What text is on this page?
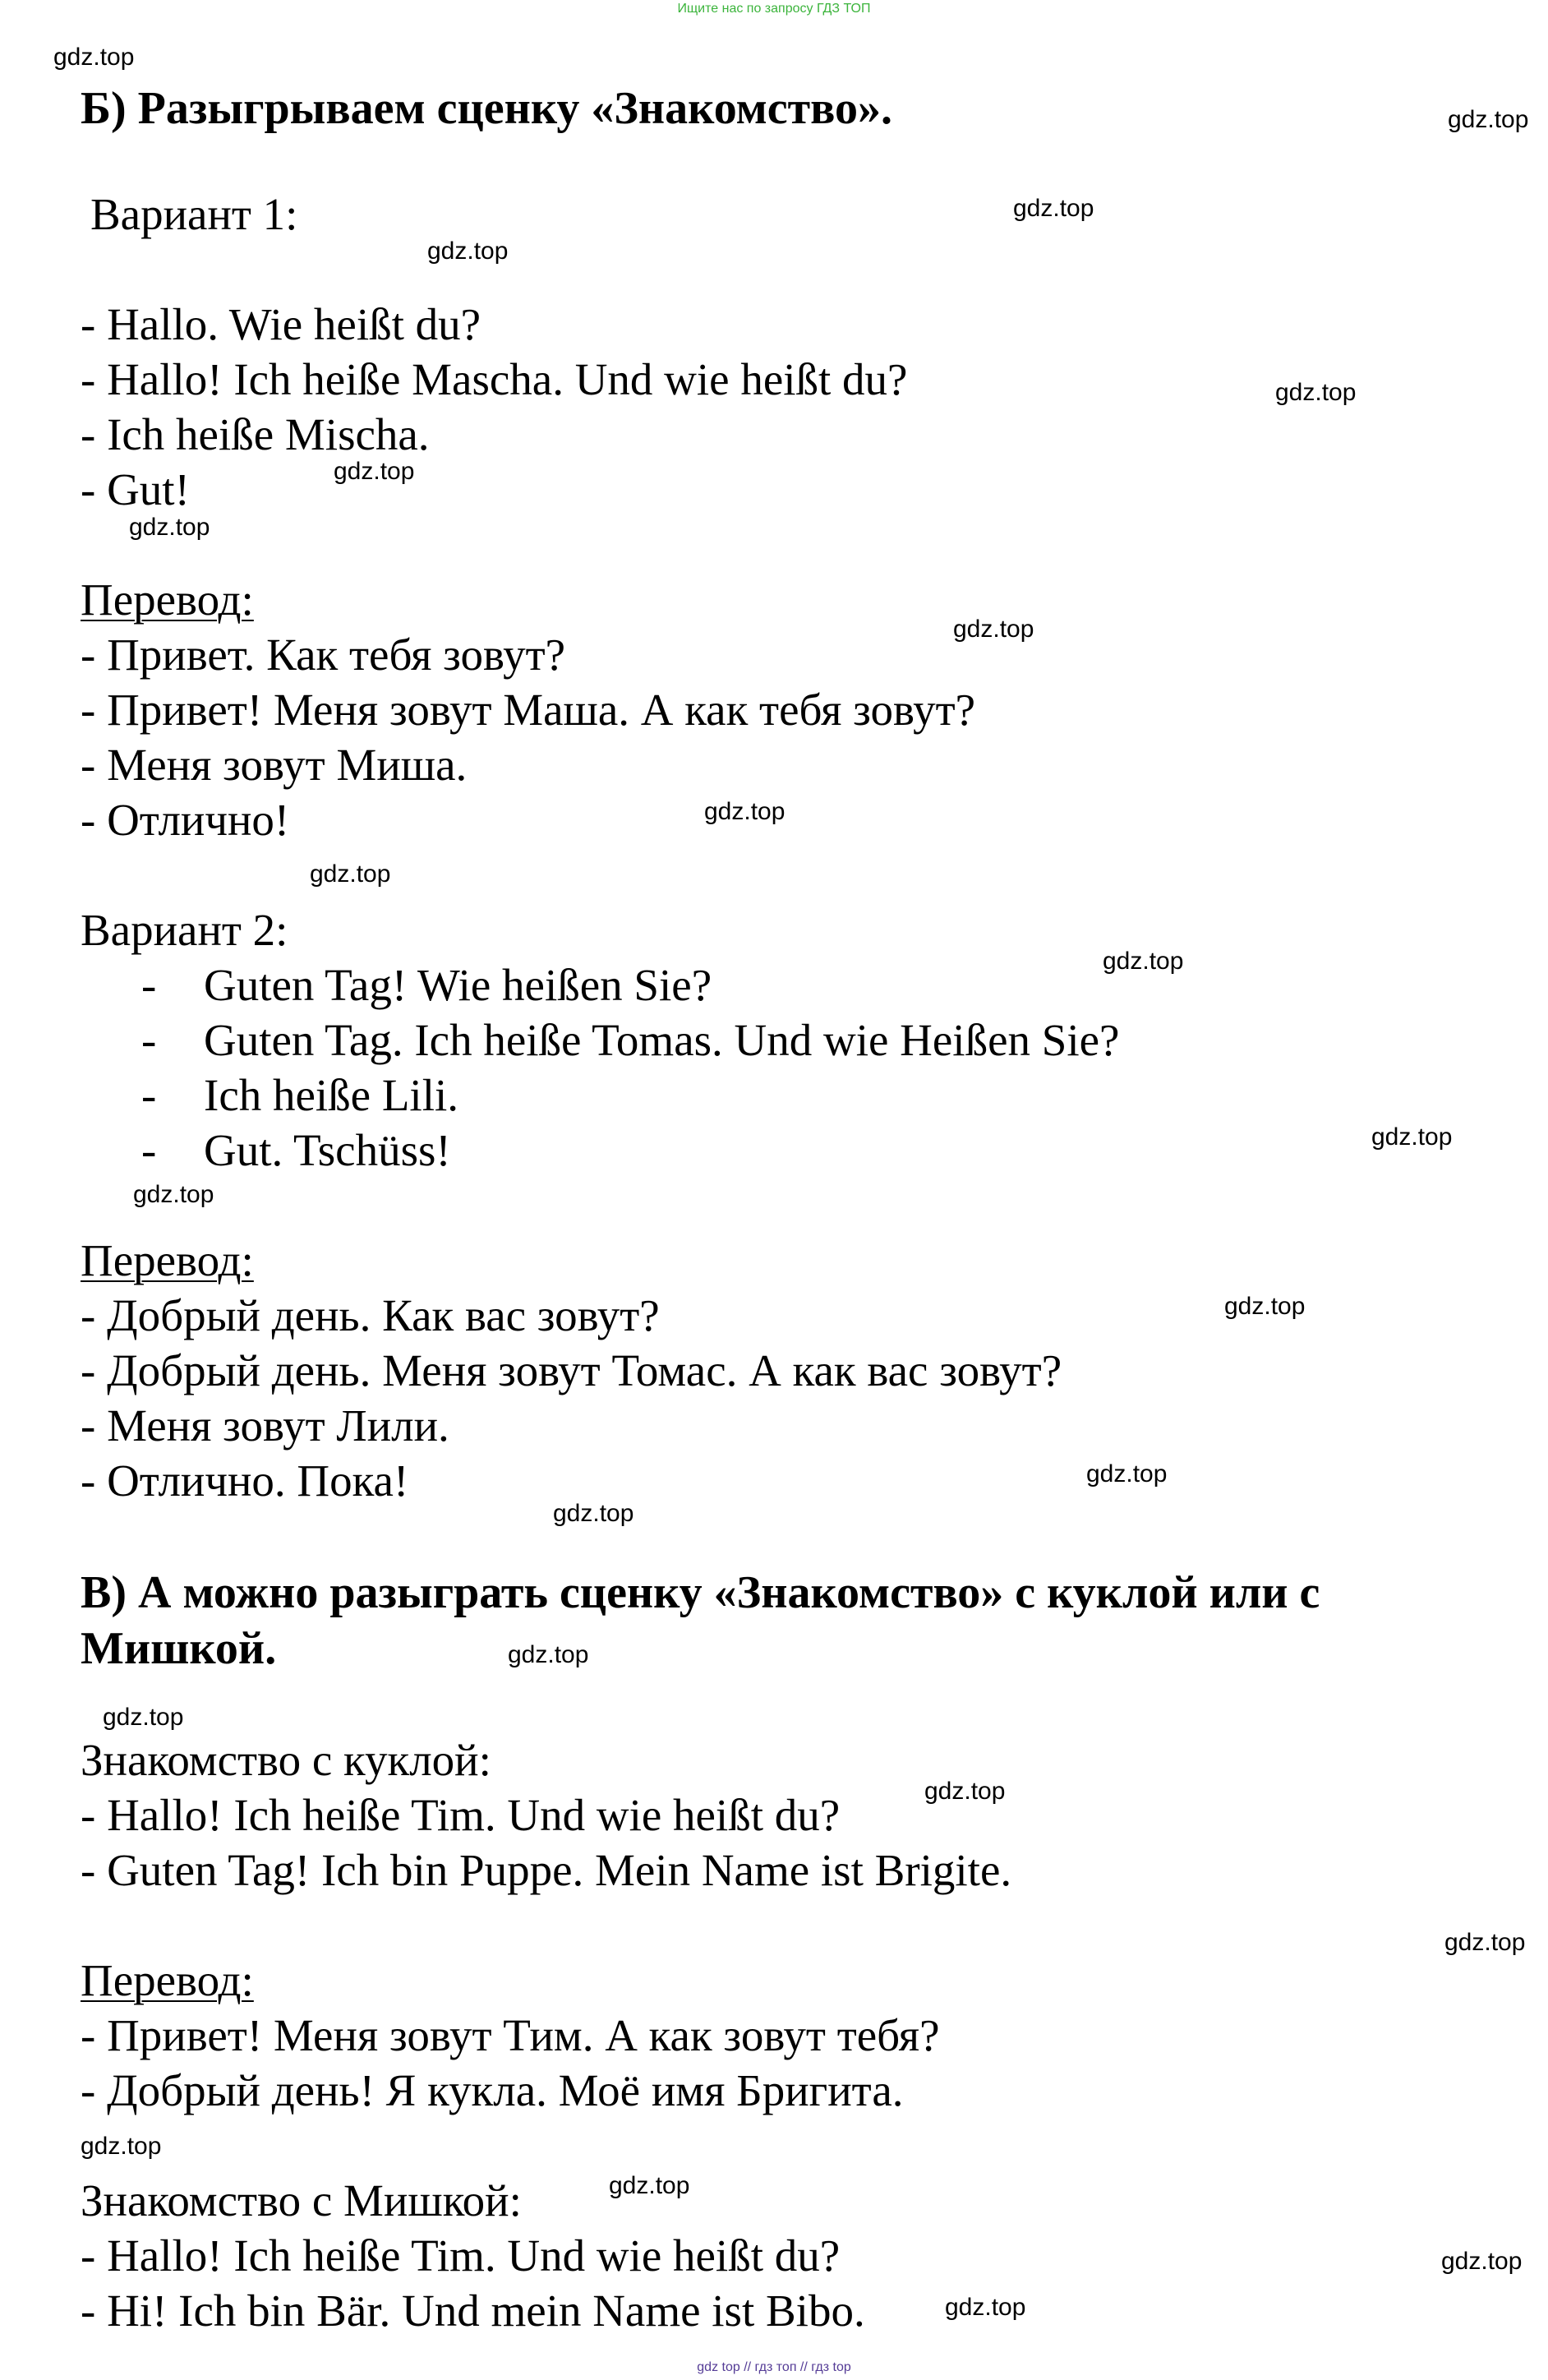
Ищите нас по запросу ГДЗ ТОП
Б) Разыгрываем сценку «Знакомство».
Вариант 1:
- Hallo. Wie heißt du?
- Hallo! Ich heiße Mascha. Und wie heißt du?
- Ich heiße Mischa.
- Gut!
Перевод:
- Привет. Как тебя зовут?
- Привет! Меня зовут Маша. А как тебя зовут?
- Меня зовут Миша.
- Отлично!
Вариант 2:
- Guten Tag! Wie heißen Sie?
- Guten Tag. Ich heiße Tomas. Und wie Heißen Sie?
- Ich heiße Lili.
- Gut. Tschüss!
Перевод:
- Добрый день. Как вас зовут?
- Добрый день. Меня зовут Томас. А как вас зовут?
- Меня зовут Лили.
- Отлично. Пока!
В) А можно разыграть сценку «Знакомство» с куклой или с
Мишкой.
Знакомство с куклой:
- Hallo! Ich heiße Tim. Und wie heißt du?
- Guten Tag! Ich bin Puppe. Mein Name ist Brigite.
Перевод:
- Привет! Меня зовут Тим. А как зовут тебя?
- Добрый день! Я кукла. Моё имя Бригита.
Знакомство с Мишкой:
- Hallo! Ich heiße Tim. Und wie heißt du?
- Hi! Ich bin Bär. Und mein Name ist Bibo.
gdz.top
gdz.top
gdz.top
gdz.top
gdz.top
gdz.top
gdz.top
gdz.top
gdz.top
gdz.top
gdz.top
gdz.top
gdz.top
gdz.top
gdz.top
gdz.top
gdz.top
gdz.top
gdz.top
gdz.top
gdz.top
gdz.top
gdz.top
gdz.top
gdz top // гдз топ // гдз top
